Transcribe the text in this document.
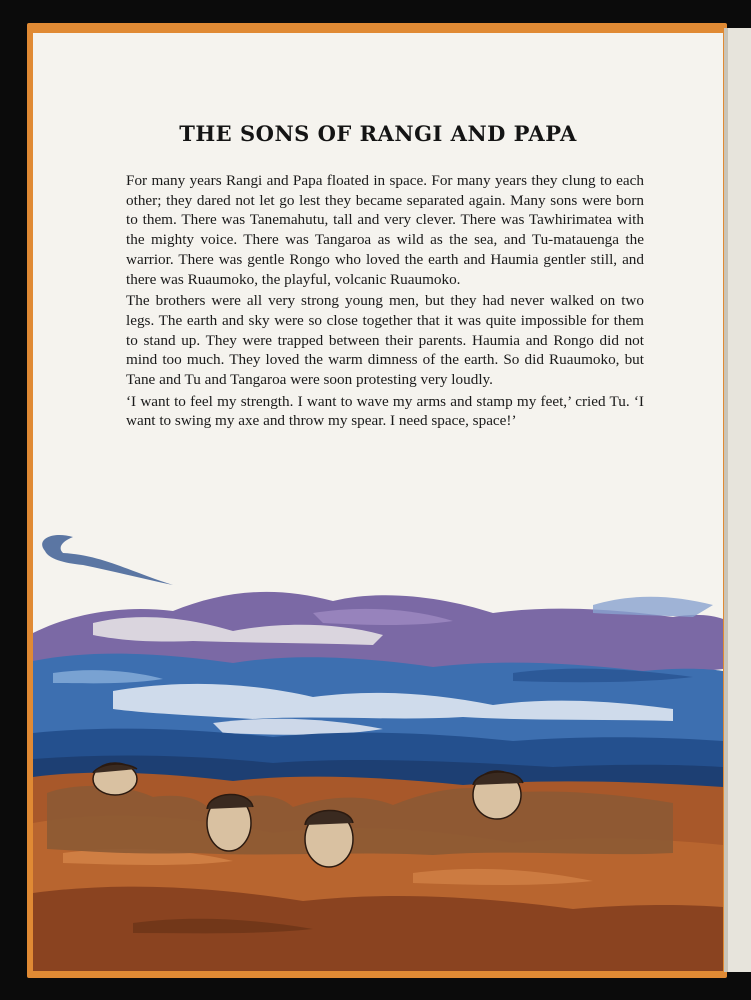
THE SONS OF RANGI AND PAPA

For many years Rangi and Papa floated in space. For many years they clung to each other; they dared not let go lest they became separated again. Many sons were born to them. There was Tanemahutu, tall and very clever. There was Tawhirimatea with the mighty voice. There was Tangaroa as wild as the sea, and Tu-matauenga the warrior. There was gentle Rongo who loved the earth and Haumia gentler still, and there was Ruaumoko, the playful, volcanic Ruaumoko.

The brothers were all very strong young men, but they had never walked on two legs. The earth and sky were so close together that it was quite impossible for them to stand up. They were trapped between their parents. Haumia and Rongo did not mind too much. They loved the warm dimness of the earth. So did Ruaumoko, but Tane and Tu and Tangaroa were soon protesting very loudly.

‘I want to feel my strength. I want to wave my arms and stamp my feet,’ cried Tu. ‘I want to swing my axe and throw my spear. I need space, space!’
